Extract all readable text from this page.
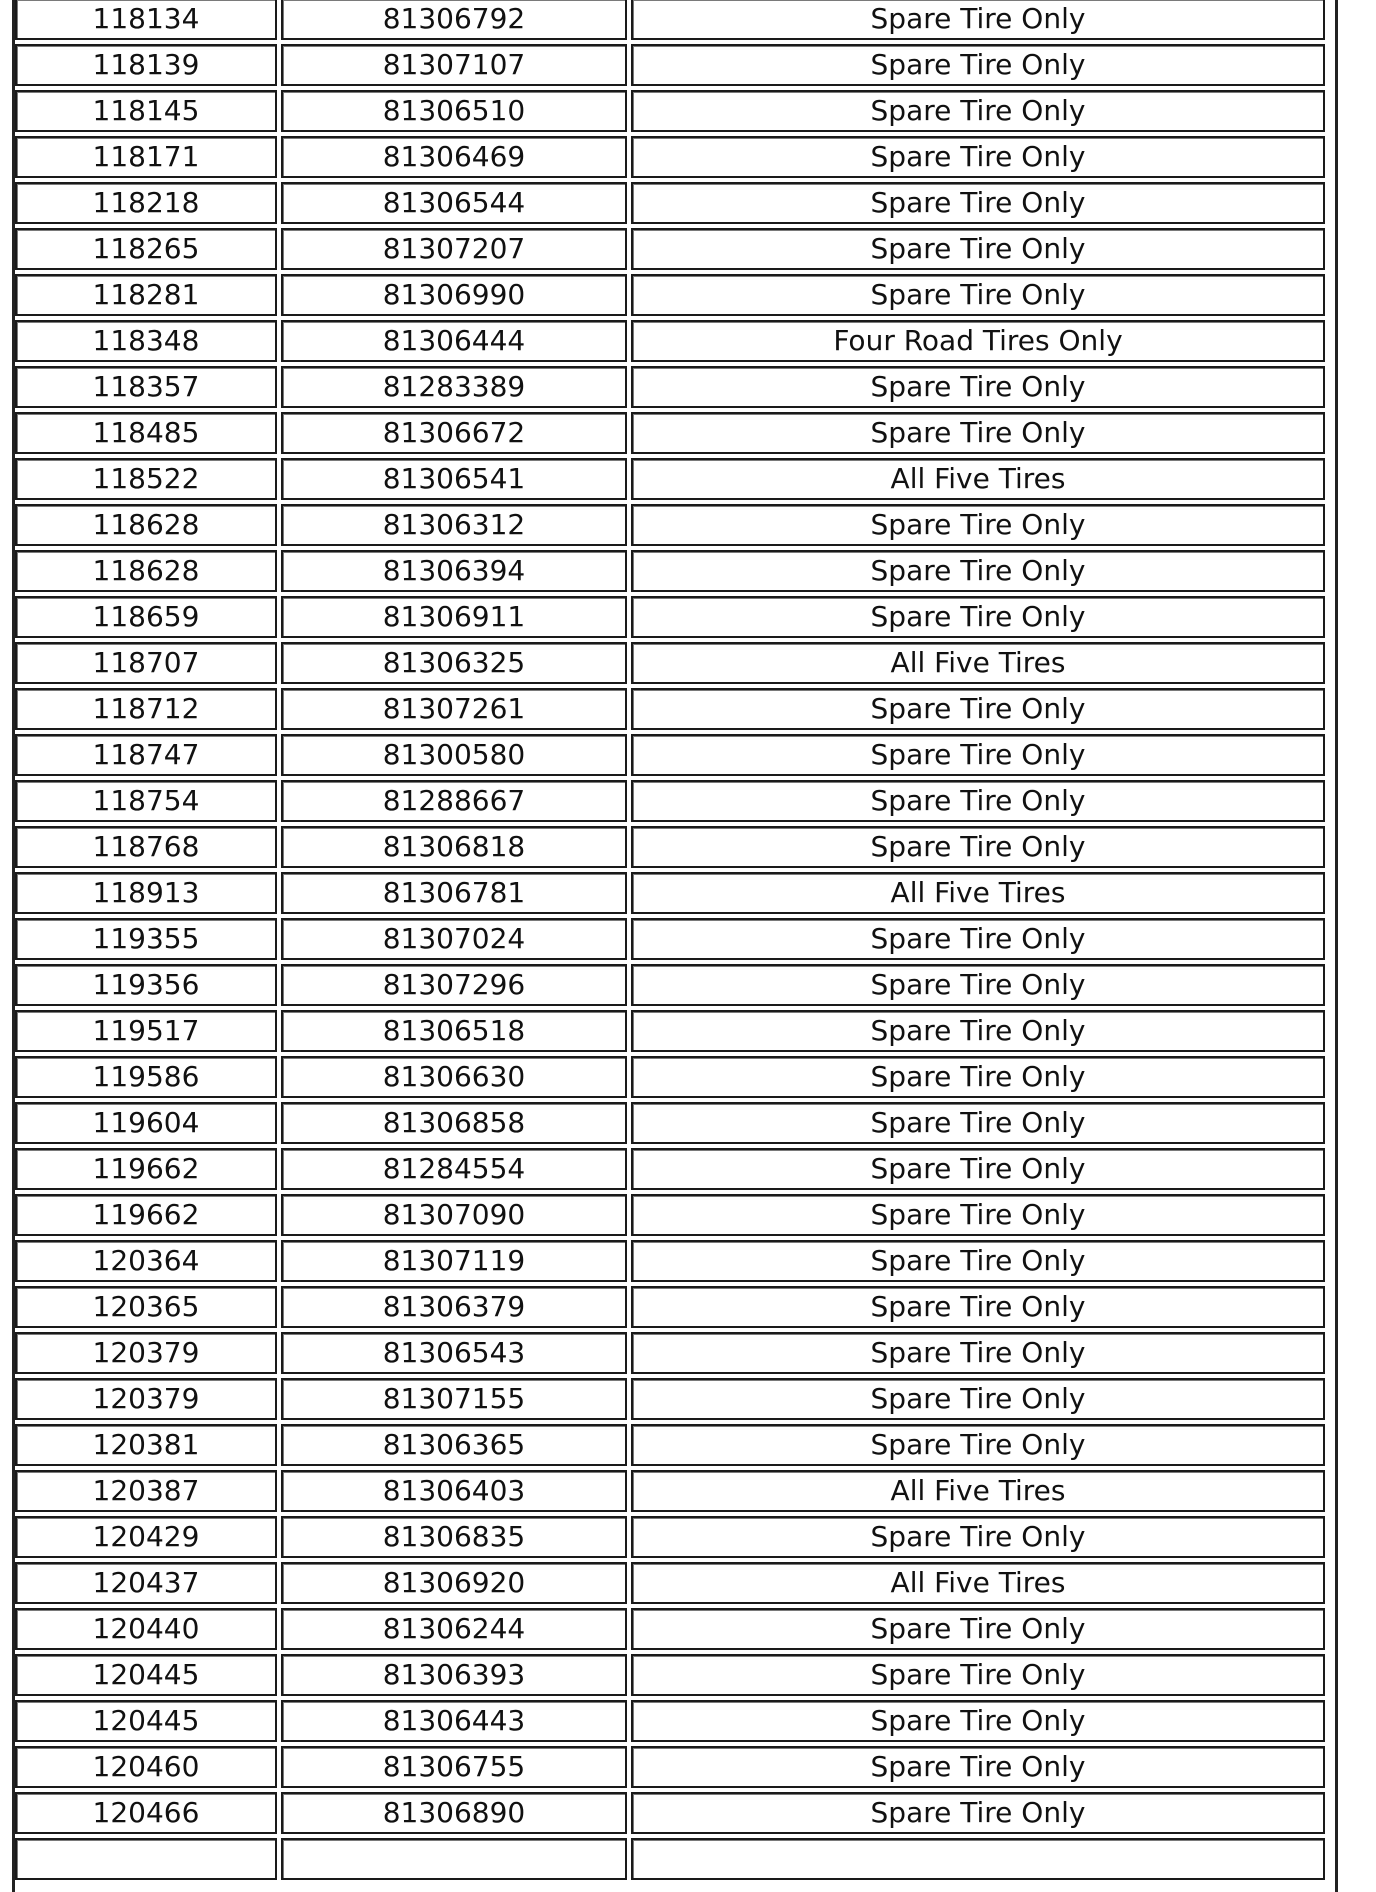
118134	81306792	Spare Tire Only
118139	81307107	Spare Tire Only
118145	81306510	Spare Tire Only
118171	81306469	Spare Tire Only
118218	81306544	Spare Tire Only
118265	81307207	Spare Tire Only
118281	81306990	Spare Tire Only
118348	81306444	Four Road Tires Only
118357	81283389	Spare Tire Only
118485	81306672	Spare Tire Only
118522	81306541	All Five Tires
118628	81306312	Spare Tire Only
118628	81306394	Spare Tire Only
118659	81306911	Spare Tire Only
118707	81306325	All Five Tires
118712	81307261	Spare Tire Only
118747	81300580	Spare Tire Only
118754	81288667	Spare Tire Only
118768	81306818	Spare Tire Only
118913	81306781	All Five Tires
119355	81307024	Spare Tire Only
119356	81307296	Spare Tire Only
119517	81306518	Spare Tire Only
119586	81306630	Spare Tire Only
119604	81306858	Spare Tire Only
119662	81284554	Spare Tire Only
119662	81307090	Spare Tire Only
120364	81307119	Spare Tire Only
120365	81306379	Spare Tire Only
120379	81306543	Spare Tire Only
120379	81307155	Spare Tire Only
120381	81306365	Spare Tire Only
120387	81306403	All Five Tires
120429	81306835	Spare Tire Only
120437	81306920	All Five Tires
120440	81306244	Spare Tire Only
120445	81306393	Spare Tire Only
120445	81306443	Spare Tire Only
120460	81306755	Spare Tire Only
120466	81306890	Spare Tire Only
